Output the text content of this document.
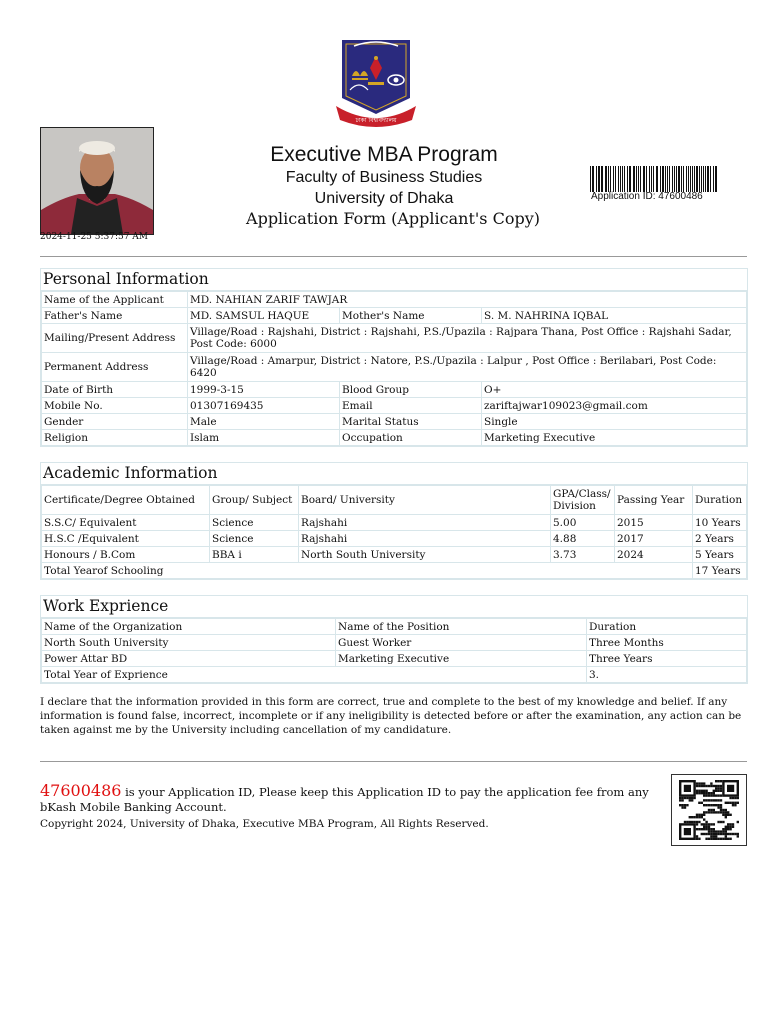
ঢাকা বিশ্ববিদ্যালয়
2024-11-25 5:37:57 AM
Executive MBA Program
Faculty of Business Studies
University of Dhaka
Application Form (Applicant's Copy)
Application ID: 47600486
Personal Information
Name of the Applicant	MD. NAHIAN ZARIF TAWJAR		
Father's Name	MD. SAMSUL HAQUE	Mother's Name	S. M. NAHRINA IQBAL
Mailing/Present Address	Village/Road : Rajshahi, District : Rajshahi, P.S./Upazila : Rajpara Thana, Post Office : Rajshahi Sadar, Post Code: 6000		
Permanent Address	Village/Road : Amarpur, District : Natore, P.S./Upazila : Lalpur , Post Office : Berilabari, Post Code: 6420		
Date of Birth	1999-3-15	Blood Group	O+
Mobile No.	01307169435	Email	zariftajwar109023@gmail.com
Gender	Male	Marital Status	Single
Religion	Islam	Occupation	Marketing Executive
Academic Information
Certificate/Degree Obtained	Group/ Subject	Board/ University	GPA/Class/ Division	Passing Year	Duration
S.S.C/ Equivalent	Science	Rajshahi	5.00	2015	10 Years
H.S.C /Equivalent	Science	Rajshahi	4.88	2017	2 Years
Honours / B.Com	BBA i	North South University	3.73	2024	5 Years
Total Yearof Schooling					17 Years
Work Exprience
Name of the Organization	Name of the Position	Duration
North South University	Guest Worker	Three Months
Power Attar BD	Marketing Executive	Three Years
Total Year of Exprience		3.
I declare that the information provided in this form are correct, true and complete to the best of my knowledge and belief. If any information is found false, incorrect, incomplete or if any ineligibility is detected before or after the examination, any action can be taken against me by the University including cancellation of my candidature.
47600486 is your Application ID, Please keep this Application ID to pay the application fee from any bKash Mobile Banking Account.
Copyright 2024, University of Dhaka, Executive MBA Program, All Rights Reserved.
